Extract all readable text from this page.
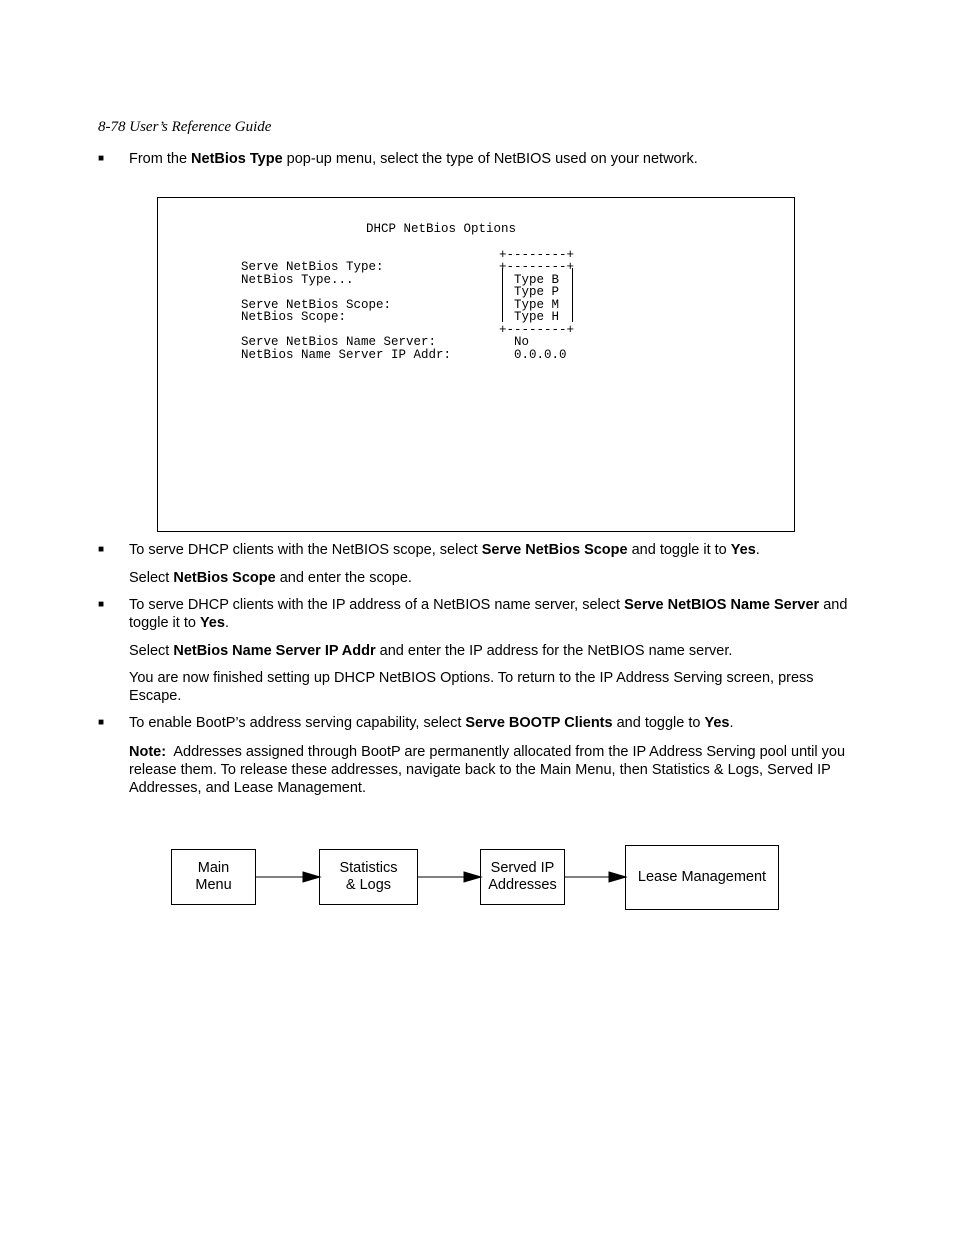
8-78 User’s Reference Guide
■ From the NetBios Type pop-up menu, select the type of NetBIOS used on your network.
DHCP NetBios Options
Serve NetBios Type:
NetBios Type...
Serve NetBios Scope:
NetBios Scope:
Serve NetBios Name Server:
NetBios Name Server IP Addr:
+--------+
+--------+
Type B
Type P
Type M
Type H
+--------+
No
0.0.0.0
■ To serve DHCP clients with the NetBIOS scope, select Serve NetBios Scope and toggle it to Yes.
Select NetBios Scope and enter the scope.
■ To serve DHCP clients with the IP address of a NetBIOS name server, select Serve NetBIOS Name Server and toggle it to Yes.
Select NetBios Name Server IP Addr and enter the IP address for the NetBIOS name server.
You are now finished setting up DHCP NetBIOS Options. To return to the IP Address Serving screen, press Escape.
■ To enable BootP’s address serving capability, select Serve BOOTP Clients and toggle to Yes.
Note: Addresses assigned through BootP are permanently allocated from the IP Address Serving pool until you release them. To release these addresses, navigate back to the Main Menu, then Statistics & Logs, Served IP Addresses, and Lease Management.
Main
Menu
Statistics
& Logs
Served IP
Addresses	Lease Management
